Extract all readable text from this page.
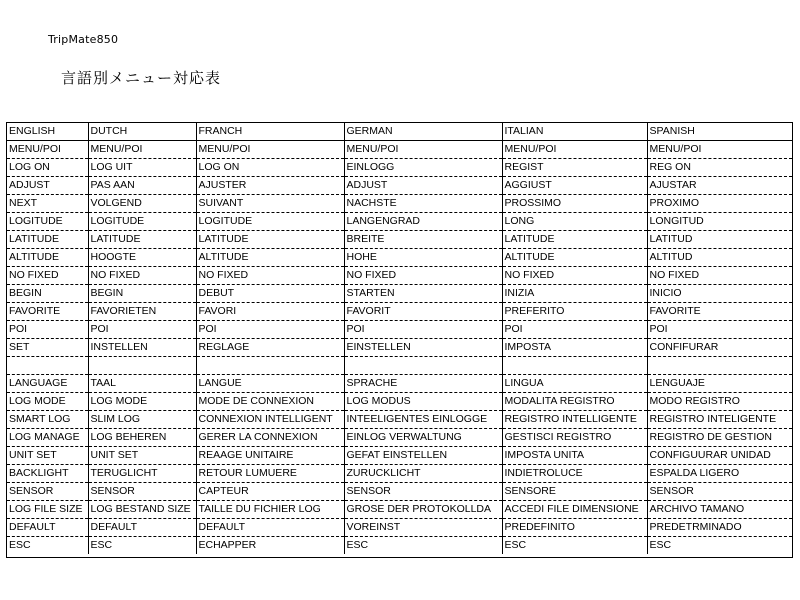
TripMate850
言語別メニュー対応表
ENGLISH	DUTCH	FRANCH	GERMAN	ITALIAN	SPANISH
MENU/POI	MENU/POI	MENU/POI	MENU/POI	MENU/POI	MENU/POI
LOG ON	LOG UIT	LOG ON	EINLOGG	REGIST	REG ON
ADJUST	PAS AAN	AJUSTER	ADJUST	AGGIUST	AJUSTAR
NEXT	VOLGEND	SUIVANT	NACHSTE	PROSSIMO	PROXIMO
LOGITUDE	LOGITUDE	LOGITUDE	LANGENGRAD	LONG	LONGITUD
LATITUDE	LATITUDE	LATITUDE	BREITE	LATITUDE	LATITUD
ALTITUDE	HOOGTE	ALTITUDE	HOHE	ALTITUDE	ALTITUD
NO FIXED	NO FIXED	NO FIXED	NO FIXED	NO FIXED	NO FIXED
BEGIN	BEGIN	DEBUT	STARTEN	INIZIA	INICIO
FAVORITE	FAVORIETEN	FAVORI	FAVORIT	PREFERITO	FAVORITE
POI	POI	POI	POI	POI	POI
SET	INSTELLEN	REGLAGE	EINSTELLEN	IMPOSTA	CONFIFURAR

LANGUAGE	TAAL	LANGUE	SPRACHE	LINGUA	LENGUAJE
LOG MODE	LOG MODE	MODE DE CONNEXION	LOG MODUS	MODALITA REGISTRO	MODO REGISTRO
SMART LOG	SLIM LOG	CONNEXION INTELLIGENT	INTEELIGENTES EINLOGGE	REGISTRO INTELLIGENTE	REGISTRO INTELIGENTE
LOG MANAGE	LOG BEHEREN	GERER LA CONNEXION	EINLOG VERWALTUNG	GESTISCI REGISTRO	REGISTRO DE GESTION
UNIT SET	UNIT SET	REAAGE UNITAIRE	GEFAT EINSTELLEN	IMPOSTA UNITA	CONFIGUURAR UNIDAD
BACKLIGHT	TERUGLICHT	RETOUR LUMUERE	ZURUCKLICHT	INDIETROLUCE	ESPALDA LIGERO
SENSOR	SENSOR	CAPTEUR	SENSOR	SENSORE	SENSOR
LOG FILE SIZE	LOG BESTAND SIZE	TAILLE DU FICHIER LOG	GROSE DER PROTOKOLLDA	ACCEDI FILE DIMENSIONE	ARCHIVO TAMANO
DEFAULT	DEFAULT	DEFAULT	VOREINST	PREDEFINITO	PREDETRMINADO
ESC	ESC	ECHAPPER	ESC	ESC	ESC
